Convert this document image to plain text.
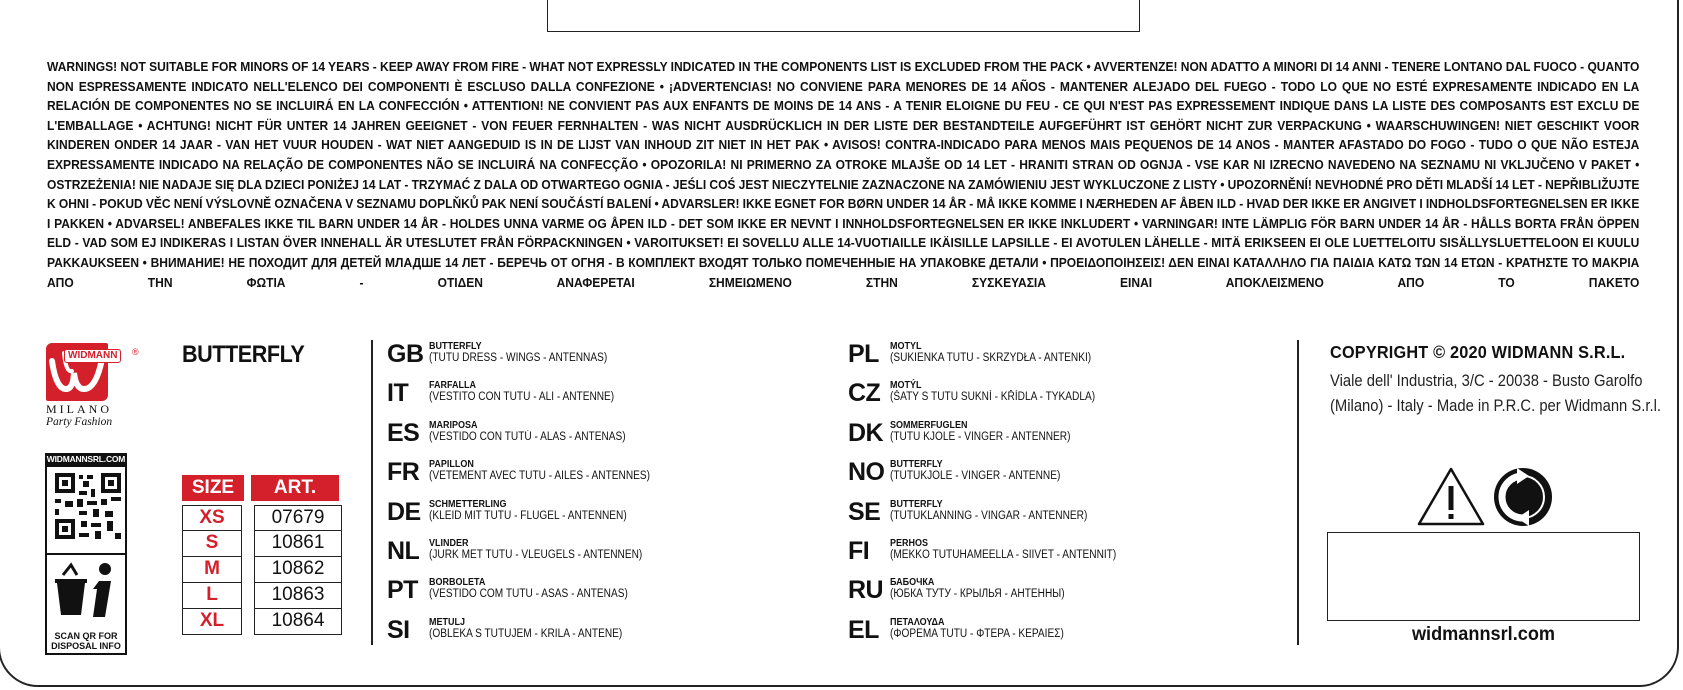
WARNINGS! NOT SUITABLE FOR MINORS OF 14 YEARS - KEEP AWAY FROM FIRE - WHAT NOT EXPRESSLY INDICATED IN THE COMPONENTS LIST IS EXCLUDED FROM THE PACK • AVVERTENZE! NON ADATTO A MINORI DI 14 ANNI - TENERE LONTANO DAL FUOCO - QUANTO NON ESPRESSAMENTE INDICATO NELL'ELENCO DEI COMPONENTI È ESCLUSO DALLA CONFEZIONE • ¡ADVERTENCIAS! NO CONVIENE PARA MENORES DE 14 AÑOS - MANTENER ALEJADO DEL FUEGO - TODO LO QUE NO ESTÉ EXPRESAMENTE INDICADO EN LA RELACIÓN DE COMPONENTES NO SE INCLUIRÁ EN LA CONFECCIÓN • ATTENTION! NE CONVIENT PAS AUX ENFANTS DE MOINS DE 14 ANS - A TENIR ELOIGNE DU FEU - CE QUI N'EST PAS EXPRESSEMENT INDIQUE DANS LA LISTE DES COMPOSANTS EST EXCLU DE L'EMBALLAGE • ACHTUNG! NICHT FÜR UNTER 14 JAHREN GEEIGNET - VON FEUER FERNHALTEN - WAS NICHT AUSDRÜCKLICH IN DER LISTE DER BESTANDTEILE AUFGEFÜHRT IST GEHÖRT NICHT ZUR VERPACKUNG • WAARSCHUWINGEN! NIET GESCHIKT VOOR KINDEREN ONDER 14 JAAR - VAN HET VUUR HOUDEN - WAT NIET AANGEDUID IS IN DE LIJST VAN INHOUD ZIT NIET IN HET PAK • AVISOS! CONTRA-INDICADO PARA MENOS MAIS PEQUENOS DE 14 ANOS - MANTER AFASTADO DO FOGO - TUDO O QUE NÃO ESTEJA EXPRESSAMENTE INDICADO NA RELAÇÃO DE COMPONENTES NÃO SE INCLUIRÁ NA CONFECÇÃO • OPOZORILA! NI PRIMERNO ZA OTROKE MLAJŠE OD 14 LET - HRANITI STRAN OD OGNJA - VSE KAR NI IZRECNO NAVEDENO NA SEZNAMU NI VKLJUČENO V PAKET • OSTRZEŻENIA! NIE NADAJE SIĘ DLA DZIECI PONIŻEJ 14 LAT - TRZYMAĆ Z DALA OD OTWARTEGO OGNIA - JEŚLI COŚ JEST NIECZYTELNIE ZAZNACZONE NA ZAMÓWIENIU JEST WYKLUCZONE Z LISTY • UPOZORNĚNÍ! NEVHODNÉ PRO DĚTI MLADŠÍ 14 LET - NEPŘIBLIŽUJTE K OHNI - POKUD VĚC NENÍ VÝSLOVNĚ OZNAČENA V SEZNAMU DOPLŇKŮ PAK NENÍ SOUČÁSTÍ BALENÍ • ADVARSLER! IKKE EGNET FOR BØRN UNDER 14 ÅR - MÅ IKKE KOMME I NÆRHEDEN AF ÅBEN ILD - HVAD DER IKKE ER ANGIVET I INDHOLDSFORTEGNELSEN ER IKKE I PAKKEN • ADVARSEL! ANBEFALES IKKE TIL BARN UNDER 14 ÅR - HOLDES UNNA VARME OG ÅPEN ILD - DET SOM IKKE ER NEVNT I INNHOLDSFORTEGNELSEN ER IKKE INKLUDERT • VARNINGAR! INTE LÄMPLIG FÖR BARN UNDER 14 ÅR - HÅLLS BORTA FRÅN ÖPPEN ELD - VAD SOM EJ INDIKERAS I LISTAN ÖVER INNEHALL ÄR UTESLUTET FRÅN FÖRPACKNINGEN • VAROITUKSET! EI SOVELLU ALLE 14-VUOTIAILLE IKÄISILLE LAPSILLE - EI AVOTULEN LÄHELLE - MITÄ ERIKSEEN EI OLE LUETTELOITU SISÄLLYSLUETTELOON EI KUULU PAKKAUKSEEN • ВНИМАНИЕ! НЕ ПОХОДИТ ДЛЯ ДЕТЕЙ МЛАДШЕ 14 ЛЕТ - БЕРЕЧЬ ОТ ОГНЯ - В КОМПЛЕКТ ВХОДЯТ ТОЛЬКО ПОМЕЧЕННЫЕ НА УПАКОВКЕ ДЕТАЛИ • ΠΡΟΕΙΔΟΠΟΙΗΣΕΙΣ! ΔΕΝ ΕΙΝΑΙ ΚΑΤΑΛΛΗΛΟ ΓΙΑ ΠΑΙΔΙΑ ΚΑΤΩ ΤΩΝ 14 ΕΤΩΝ - ΚΡΑΤΗΣΤΕ ΤΟ ΜΑΚΡΙΑ ΑΠΟ ΤΗΝ ΦΩΤΙΑ - ΟΤΙΔΕΝ ΑΝΑΦΕΡΕΤΑΙ ΣΗΜΕΙΩΜΕΝΟ ΣΤΗΝ ΣΥΣΚΕΥΑΣΙΑ ΕΙΝΑΙ ΑΠΟΚΛΕΙΣΜΕΝΟ ΑΠΟ ΤΟ ΠΑΚΕΤΟ
WIDMANN	®
MILANO
Party Fashion
WIDMANNSRL.COM
SCAN QR FOR DISPOSAL INFO
BUTTERFLY
SIZE	ART.
XS	07679
S	10861
M	10862
L	10863
XL	10864
GB BUTTERFLY
(TUTU DRESS - WINGS - ANTENNAS)
IT FARFALLA
(VESTITO CON TUTU - ALI - ANTENNE)
ES MARIPOSA
(VESTIDO CON TUTÚ - ALAS - ANTENAS)
FR PAPILLON
(VETEMENT AVEC TUTU - AILES - ANTENNES)
DE SCHMETTERLING
(KLEID MIT TUTU - FLÜGEL - ANTENNEN)
NL VLINDER
(JURK MET TUTU - VLEUGELS - ANTENNEN)
PT BORBOLETA
(VESTIDO COM TUTU - ASAS - ANTENAS)
SI METULJ
(OBLEKA S TUTUJEM - KRILA - ANTENE)
PL MOTYL
(SUKIENKA TUTU - SKRZYDŁA - ANTENKI)
CZ MOTÝL
(ŠATY S TUTU SUKNÍ - KŘÍDLA - TYKADLA)
DK SOMMERFUGLEN
(TUTU KJOLE - VINGER - ANTENNER)
NO BUTTERFLY
(TUTUKJOLE - VINGER - ANTENNE)
SE BUTTERFLY
(TUTUKLÄNNING - VINGAR - ANTENNER)
FI PERHOS
(MEKKO TUTUHAMEELLA - SIIVET - ANTENNIT)
RU БАБОЧКА
(ЮБКА ТУТУ - КРЫЛЬЯ - АНТЕННЫ)
EL ΠΕΤΑΛΟΥΔΑ
(ΦΟΡΕΜΑ TUTU - ΦΤΕΡΑ - ΚΕΡΑΙΕΣ)
COPYRIGHT © 2020 WIDMANN S.R.L.
Viale dell' Industria, 3/C - 20038 - Busto Garolfo
(Milano) - Italy - Made in P.R.C. per Widmann S.r.l.
widmannsrl.com
